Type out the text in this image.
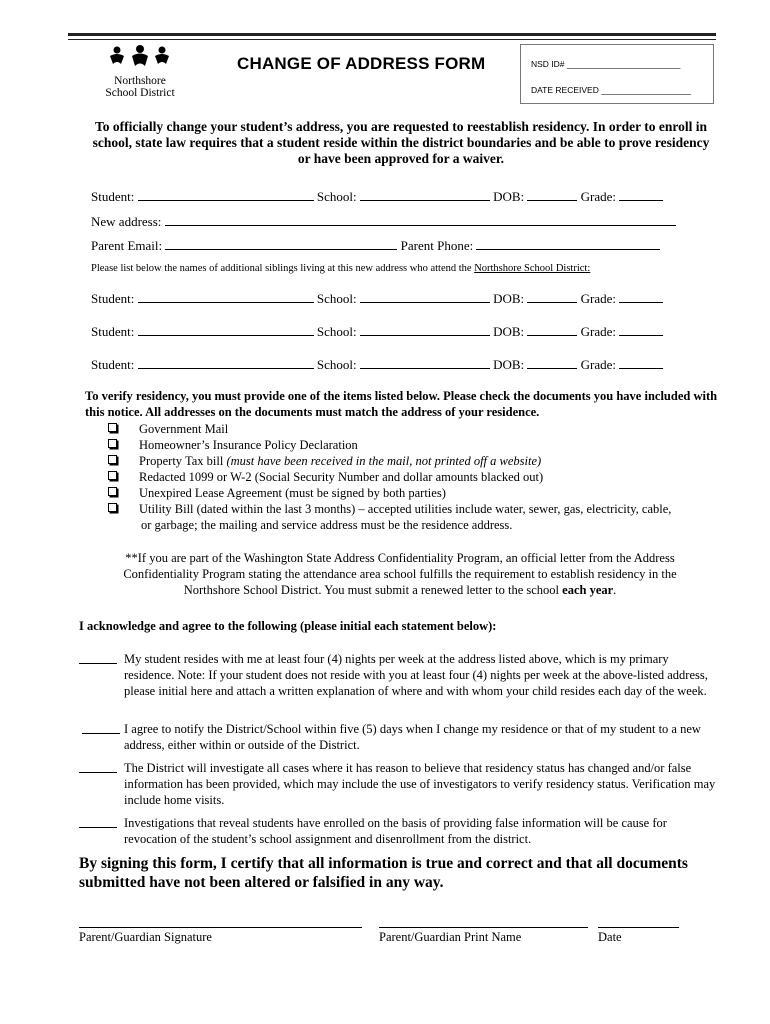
Northshore
School District
CHANGE OF ADDRESS FORM	NSD ID# ________________________
DATE RECEIVED ___________________
To officially change your student’s address, you are requested to reestablish residency. In order to enroll in school, state law requires that a student reside within the district boundaries and be able to prove residency or have been approved for a waiver.
Student:	School:	DOB:	Grade:
New address:
Parent Email:	Parent Phone:
Please list below the names of additional siblings living at this new address who attend the Northshore School District:
Student:	School:	DOB:	Grade:
Student:	School:	DOB:	Grade:
Student:	School:	DOB:	Grade:
To verify residency, you must provide one of the items listed below. Please check the documents you have included with this notice. All addresses on the documents must match the address of your residence.
Government Mail
Homeowner’s Insurance Policy Declaration
Property Tax bill (must have been received in the mail, not printed off a website)
Redacted 1099 or W-2 (Social Security Number and dollar amounts blacked out)
Unexpired Lease Agreement (must be signed by both parties)
Utility Bill (dated within the last 3 months) – accepted utilities include water, sewer, gas, electricity, cable,
or garbage; the mailing and service address must be the residence address.
**If you are part of the Washington State Address Confidentiality Program, an official letter from the Address Confidentiality Program stating the attendance area school fulfills the requirement to establish residency in the Northshore School District. You must submit a renewed letter to the school each year.
I acknowledge and agree to the following (please initial each statement below):
My student resides with me at least four (4) nights per week at the address listed above, which is my primary residence. Note: If your student does not reside with you at least four (4) nights per week at the above-listed address, please initial here and attach a written explanation of where and with whom your child resides each day of the week.
I agree to notify the District/School within five (5) days when I change my residence or that of my student to a new address, either within or outside of the District.
The District will investigate all cases where it has reason to believe that residency status has changed and/or false information has been provided, which may include the use of investigators to verify residency status. Verification may include home visits.
Investigations that reveal students have enrolled on the basis of providing false information will be cause for revocation of the student’s school assignment and disenrollment from the district.
By signing this form, I certify that all information is true and correct and that all documents submitted have not been altered or falsified in any way.
Parent/Guardian Signature	Parent/Guardian Print Name	Date
